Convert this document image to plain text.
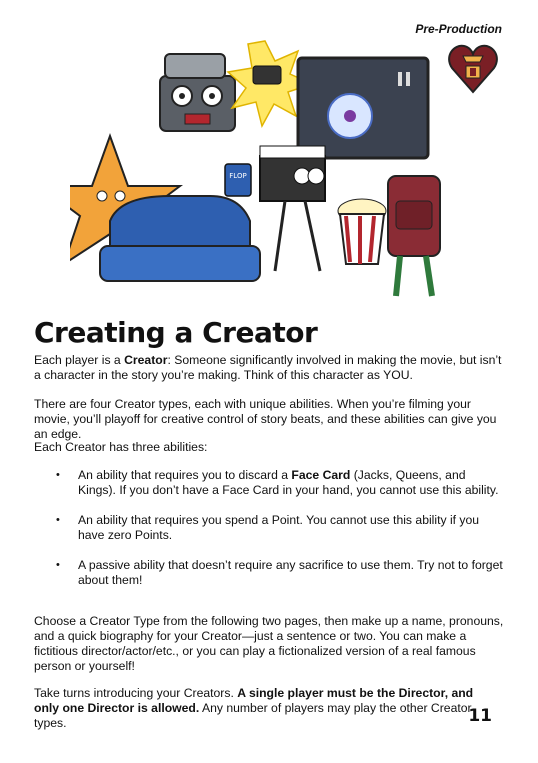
Pre-Production
FLOP
Creating a Creator

Each player is a Creator: Someone significantly involved in making the movie, but isn’t a character in the story you’re making. Think of this character as YOU.

There are four Creator types, each with unique abilities. When you’re filming your movie, you’ll playoff for creative control of story beats, and these abilities can give you an edge.

Each Creator has three abilities:

• An ability that requires you to discard a Face Card (Jacks, Queens, and Kings). If you don’t have a Face Card in your hand, you cannot use this ability.
• An ability that requires you spend a Point. You cannot use this ability if you have zero Points.
• A passive ability that doesn’t require any sacrifice to use them. Try not to forget about them!

Choose a Creator Type from the following two pages, then make up a name, pronouns, and a quick biography for your Creator—just a sentence or two. You can make a fictitious director/actor/etc., or you can play a fictionalized version of a real famous person or yourself!

Take turns introducing your Creators. A single player must be the Director, and only one Director is allowed. Any number of players may play the other Creator types.	11
